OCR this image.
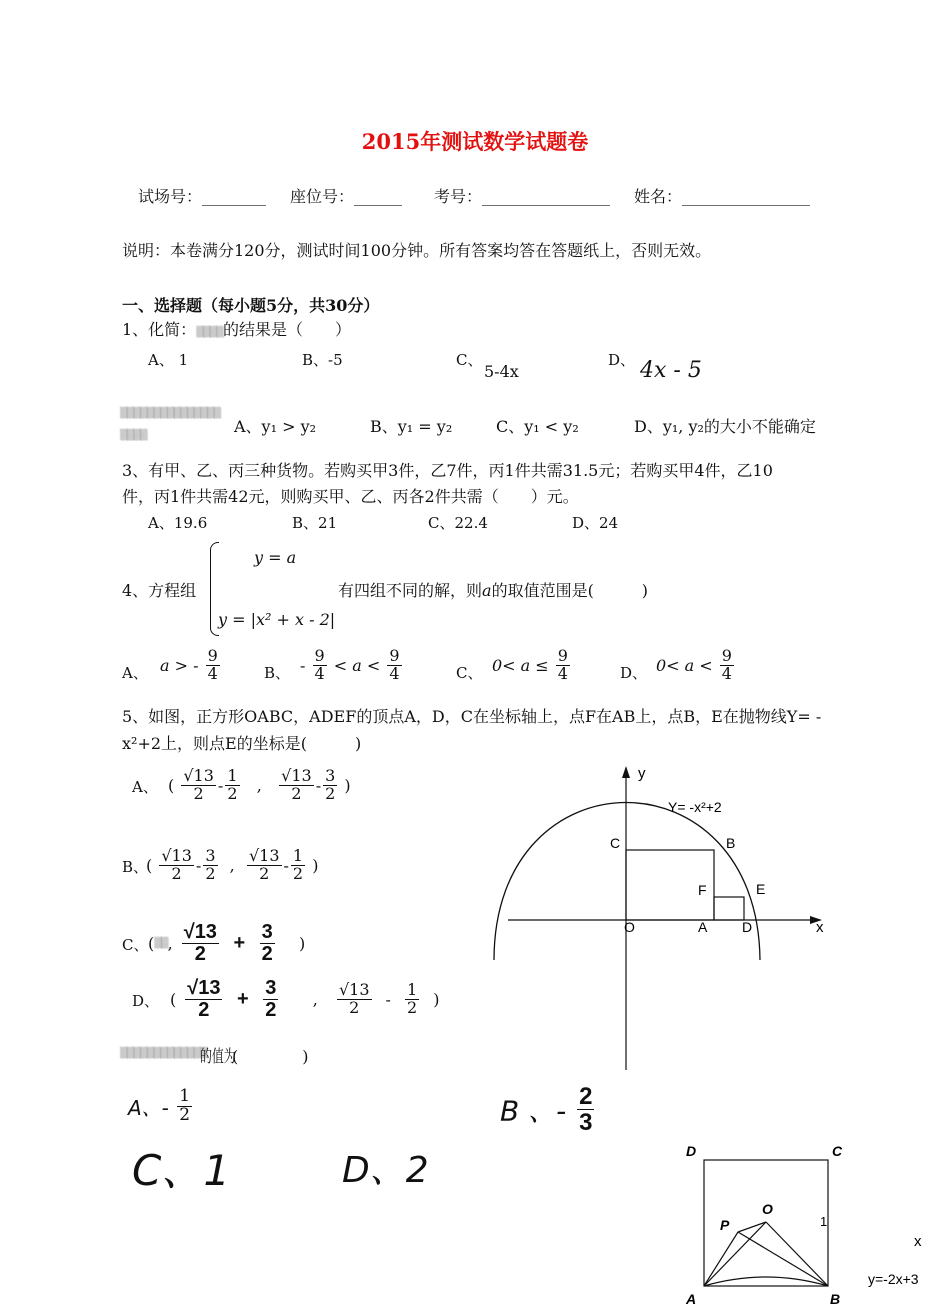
2015年测试数学试题卷
试场号：________ 座位号：______ 考号：________________ 姓名：________________
说明：本卷满分120分，测试时间100分钟。所有答案均答在答题纸上，否则无效。
一、选择题（每小题5分，共30分）
1、化简：▒▒▒▒的结果是（　　）
A、 1	B、-5	C、
5-4x
D、 4x - 5
▒▒▒▒▒▒▒▒▒▒▒▒▒▒▒
▒▒▒▒	A、y₁ > y₂	B、y₁ = y₂	C、y₁ < y₂	D、y₁, y₂的大小不能确定
3、有甲、乙、丙三种货物。若购买甲3件，乙7件，丙1件共需31.5元；若购买甲4件，乙10
件，丙1件共需42元，则购买甲、乙、丙各2件共需（　　）元。
A、19.6	B、21	C、22.4	D、24
4、方程组
y = a
y = |x² + x - 2|
有四组不同的解，则a的取值范围是(　　　)
A、 a > - $\frac{9}{4}$	B、 - $\frac{9}{4} < a < \frac{9}{4}$	C、 $0< a \le \frac{9}{4}$	D、 $0< a < \frac{9}{4}$
5、如图，正方形OABC，ADEF的顶点A，D，C在坐标轴上，点F在AB上，点B，E在抛物线Y= -
x²+2上，则点E的坐标是(　　　)
A、 ( $\frac{√13}{2} - \frac{1}{2}$ , $\frac{√13}{2} - \frac{3}{2}$ )
B、
( $\frac{√13}{2} - \frac{3}{2}$ , $\frac{√13}{2} - \frac{1}{2}$ )
C、 (▒▒, $\frac{√13}{2} + \frac{3}{2}$ )
D、 ( $\frac{√13}{2} + \frac{3}{2}$ , $\frac{√13}{2} - \frac{1}{2}$ )
y
x
Y= -x²+2
C	B
F	E
O	A D
▒▒▒▒▒▒▒▒▒▒▒▒▒
的值为
(　　　　)
A、- $\frac{1}{2}$	B 、- $\frac{2}{3}$
C、1	D、2	D	C
P
O
A	B
1
x
y=-2x+3
